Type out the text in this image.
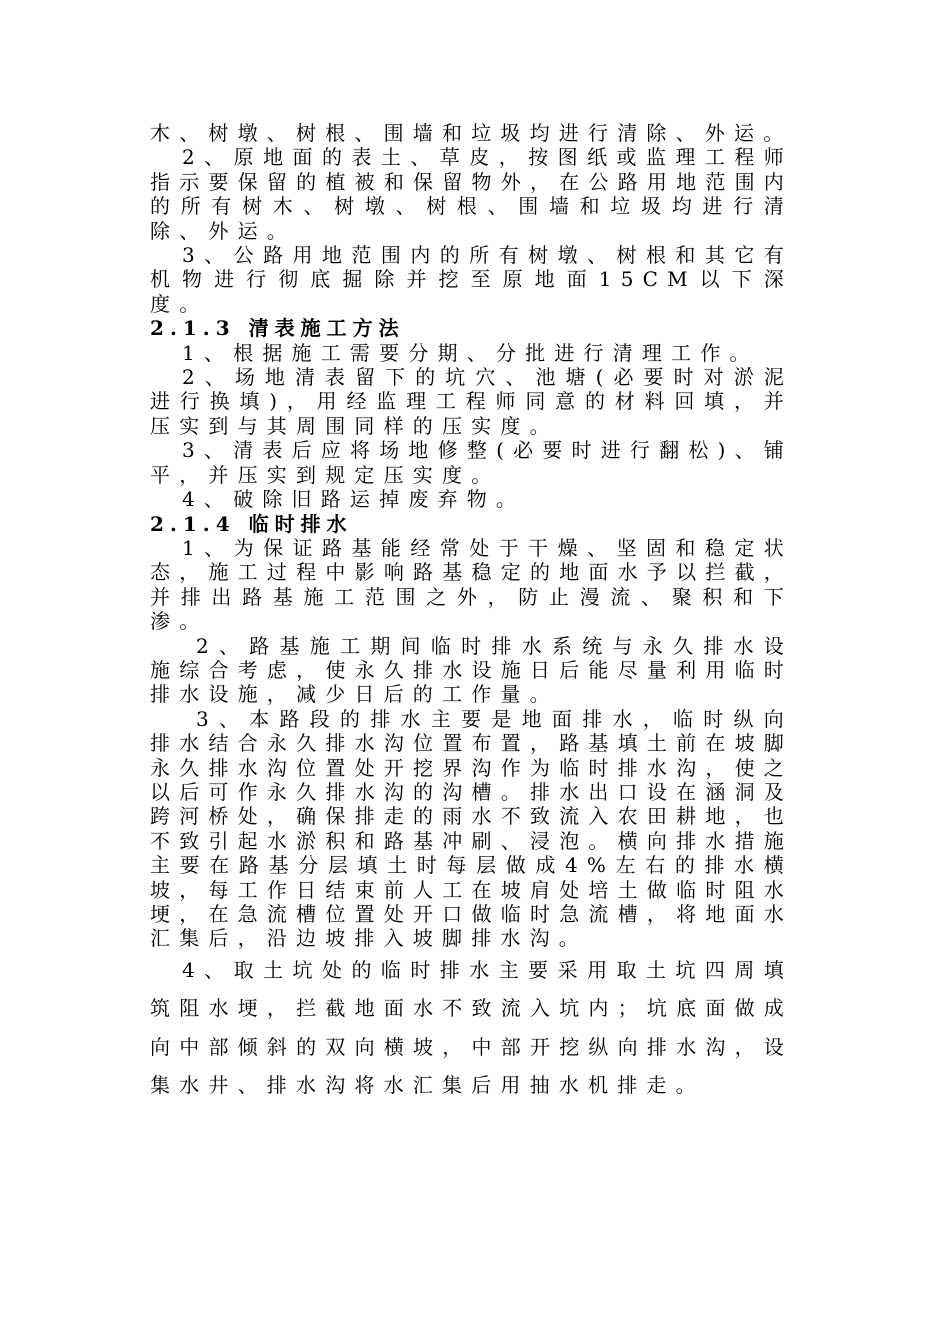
木、树墩、树根、围墙和垃圾均进行清除、外运。

2、原地面的表土、草皮，按图纸或监理工程师指示要保留的植被和保留物外，在公路用地范围内的所有树木、树墩、树根、围墙和垃圾均进行清除、外运。

3、公路用地范围内的所有树墩、树根和其它有机物进行彻底掘除并挖至原地面15CM以下深度。

2.1.3 清表施工方法

1、根据施工需要分期、分批进行清理工作。

2、场地清表留下的坑穴、池塘(必要时对淤泥进行换填)，用经监理工程师同意的材料回填，并压实到与其周围同样的压实度。

3、清表后应将场地修整(必要时进行翻松)、铺平，并压实到规定压实度。

4、破除旧路运掉废弃物。

2.1.4 临时排水

1、为保证路基能经常处于干燥、坚固和稳定状态，施工过程中影响路基稳定的地面水予以拦截，并排出路基施工范围之外，防止漫流、聚积和下渗。

2、路基施工期间临时排水系统与永久排水设施综合考虑，使永久排水设施日后能尽量利用临时排水设施，减少日后的工作量。

3、本路段的排水主要是地面排水，临时纵向排水结合永久排水沟位置布置，路基填土前在坡脚永久排水沟位置处开挖界沟作为临时排水沟，使之以后可作永久排水沟的沟槽。排水出口设在涵洞及跨河桥处，确保排走的雨水不致流入农田耕地，也不致引起水淤积和路基冲刷、浸泡。横向排水措施主要在路基分层填土时每层做成4%左右的排水横坡，每工作日结束前人工在坡肩处培土做临时阻水埂，在急流槽位置处开口做临时急流槽，将地面水汇集后，沿边坡排入坡脚排水沟。

4、取土坑处的临时排水主要采用取土坑四周填筑阻水埂，拦截地面水不致流入坑内；坑底面做成向中部倾斜的双向横坡，中部开挖纵向排水沟，设集水井、排水沟将水汇集后用抽水机排走。
